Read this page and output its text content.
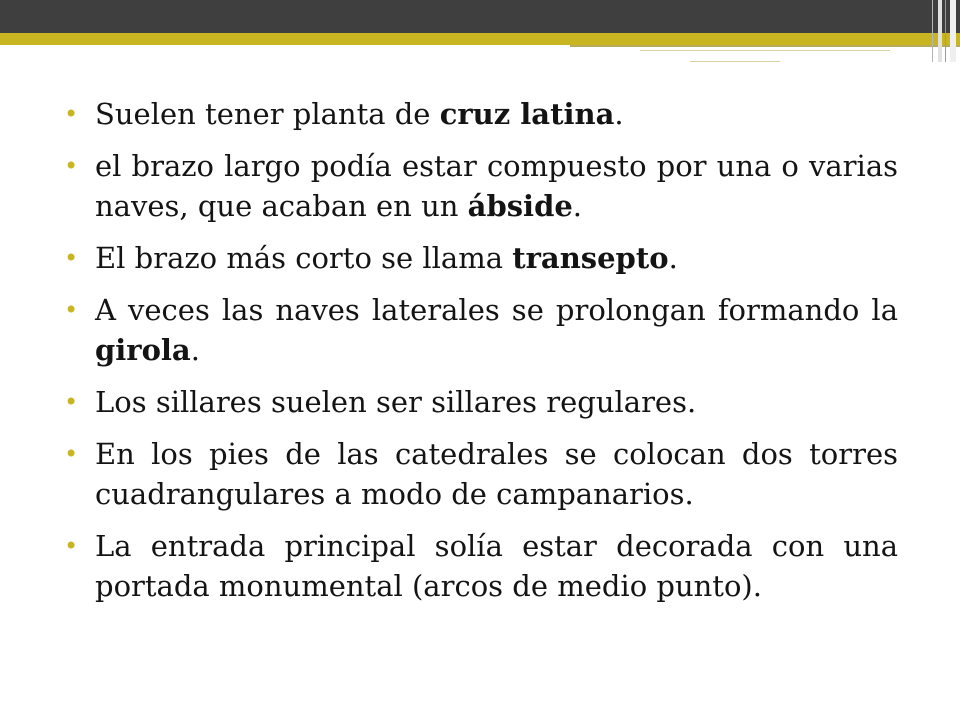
• Suelen tener planta de cruz latina.
• el brazo largo podía estar compuesto por una o varias naves, que acaban en un ábside.
• El brazo más corto se llama transepto.
• A veces las naves laterales se prolongan formando la girola.
• Los sillares suelen ser sillares regulares.
• En los pies de las catedrales se colocan dos torres cuadrangulares a modo de campanarios.
• La entrada principal solía estar decorada con una portada monumental (arcos de medio punto).
